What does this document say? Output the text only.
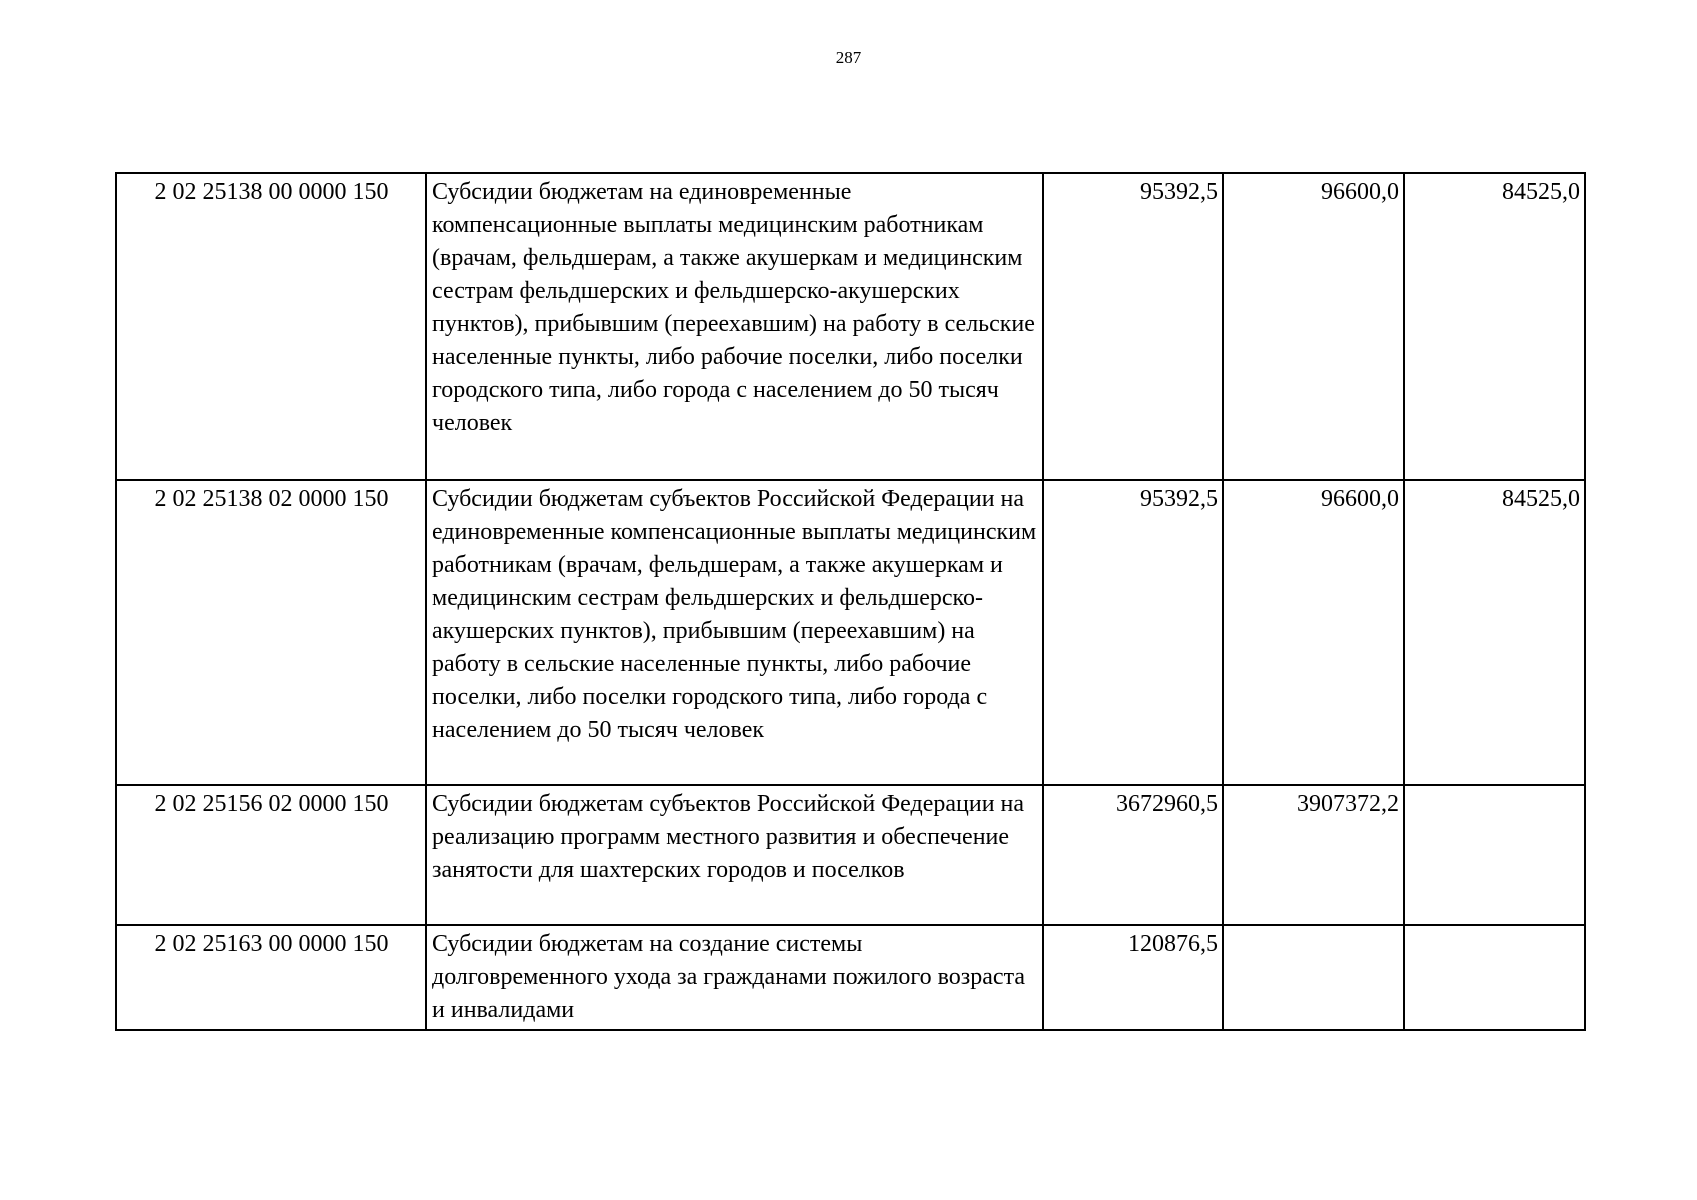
287
2 02 25138 00 0000 150	Субсидии бюджетам на единовременные компенсационные выплаты медицинским работникам (врачам, фельдшерам, а также акушеркам и медицинским сестрам фельдшерских и фельдшерско-акушерских пунктов), прибывшим (переехавшим) на работу в сельские населенные пункты, либо рабочие поселки, либо поселки городского типа, либо города с населением до 50 тысяч человек	95392,5	96600,0	84525,0
2 02 25138 02 0000 150	Субсидии бюджетам субъектов Российской Федерации на единовременные компенсационные выплаты медицинским работникам (врачам, фельдшерам, а также акушеркам и медицинским сестрам фельдшерских и фельдшерско-акушерских пунктов), прибывшим (переехавшим) на работу в сельские населенные пункты, либо рабочие поселки, либо поселки городского типа, либо города с населением до 50 тысяч человек	95392,5	96600,0	84525,0
2 02 25156 02 0000 150	Субсидии бюджетам субъектов Российской Федерации на реализацию программ местного развития и обеспечение занятости для шахтерских городов и поселков	3672960,5	3907372,2	
2 02 25163 00 0000 150	Субсидии бюджетам на создание системы долговременного ухода за гражданами пожилого возраста и инвалидами	120876,5		
